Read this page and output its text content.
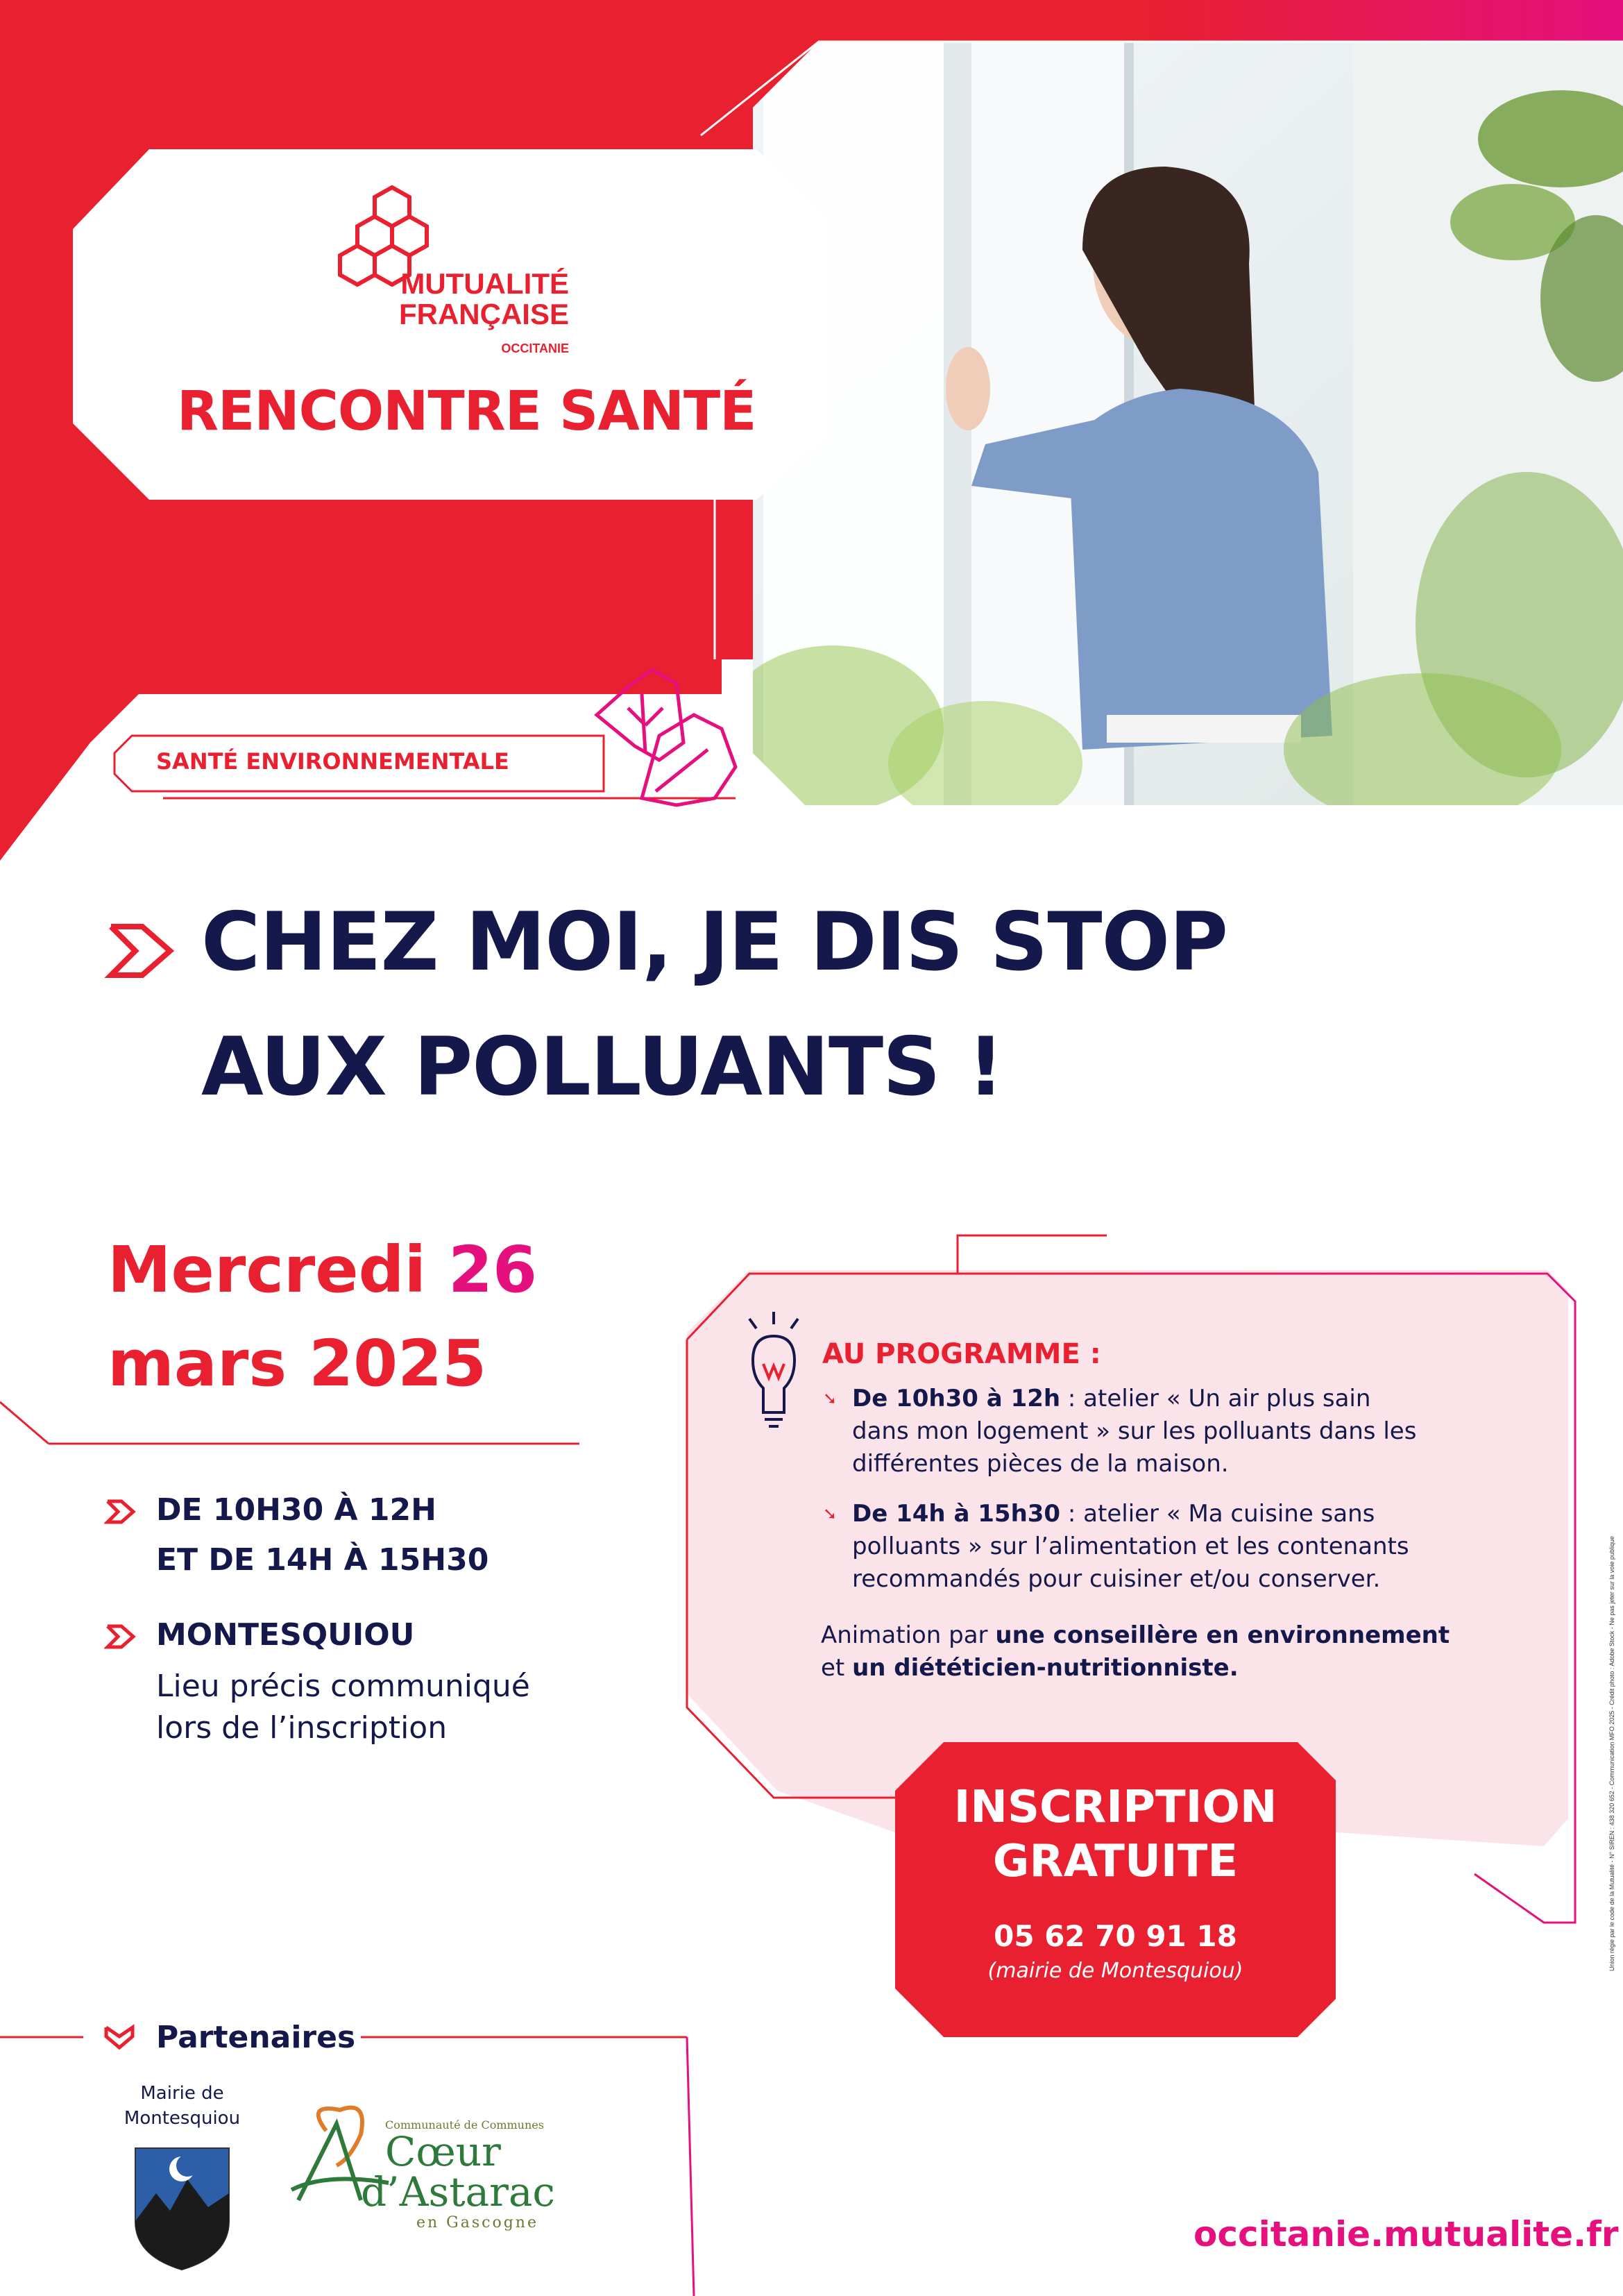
MUTUALITÉ
FRANÇAISE
OCCITANIE
RENCONTRE SANTÉ
SANTÉ ENVIRONNEMENTALE
CHEZ MOI, JE DIS STOP
AUX POLLUANTS !
Mercredi 26
mars 2025
DE 10H30 À 12H
ET DE 14H À 15H30
MONTESQUIOU
Lieu précis communiqué
lors de l’inscription
AU PROGRAMME :
➘ De 10h30 à 12h : atelier « Un air plus sain dans mon logement » sur les polluants dans les différentes pièces de la maison.
➘ De 14h à 15h30 : atelier « Ma cuisine sans polluants » sur l’alimentation et les contenants recommandés pour cuisiner et/ou conserver.
Animation par une conseillère en environnement
et un diététicien-nutritionniste.
INSCRIPTION
GRATUITE
05 62 70 91 18
(mairie de Montesquiou)
Partenaires
Mairie de
Montesquiou	Communauté de Communes
Cœur
d’Astarac
en Gascogne	occitanie.mutualite.fr
Union régie par le code de la Mutualité - N° SIREN : 438 320 652 - Communication MFO 2025 - Crédit photo : Adobe Stock - Ne pas jeter sur la voie publique
